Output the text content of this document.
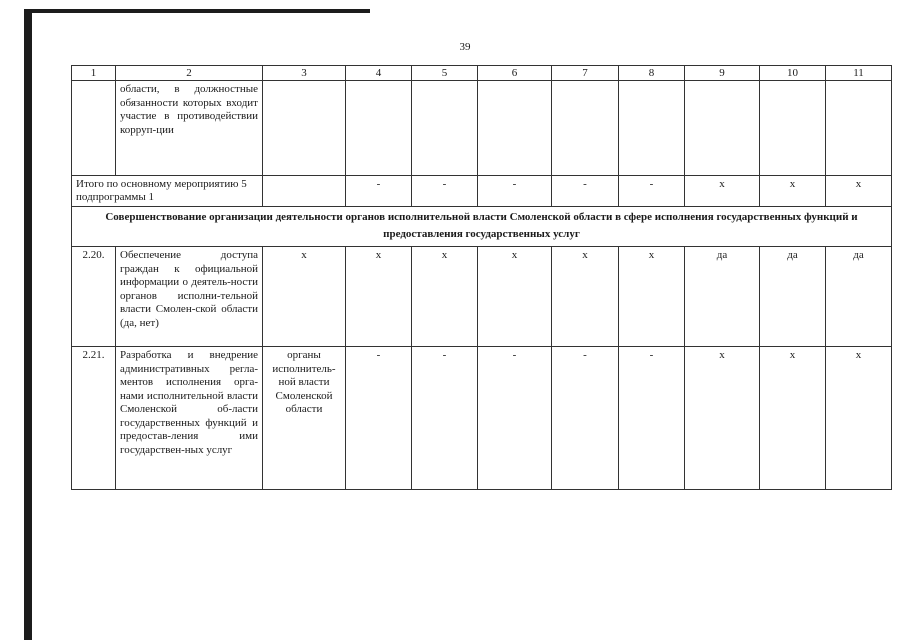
39
1	2	3	4	5	6	7	8	9	10	11
	области, в должностные обязанности которых входит участие в противодействии корруп-ции									
Итого по основному мероприятию 5 подпрограммы 1			-	-	-	-	-	х	х	х
Совершенствование организации деятельности органов исполнительной власти Смоленской области в сфере исполнения государственных функций и предоставления государственных услуг										
2.20.	Обеспечение доступа граждан к официальной информации о деятель-ности органов исполни-тельной власти Смолен-ской области (да, нет)	х	х	х	х	х	х	да	да	да
2.21.	Разработка и внедрение административных регла-ментов исполнения орга-нами исполнительной власти Смоленской об-ласти государственных функций и предостав-ления ими государствен-ных услуг	органы исполнитель-ной власти Смоленской области	-	-	-	-	-	х	х	х
